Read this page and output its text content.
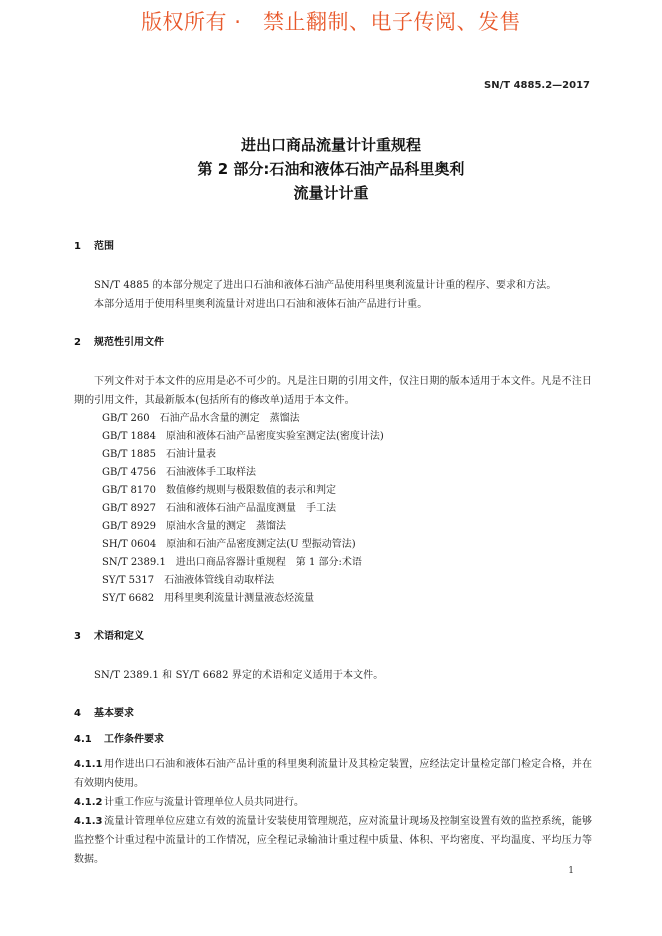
版权所有 ·   禁止翻制、电子传阅、发售
SN/T 4885.2—2017
进出口商品流量计计重规程
第 2 部分:石油和液体石油产品科里奥利
流量计计重
1 范围

SN/T 4885 的本部分规定了进出口石油和液体石油产品使用科里奥利流量计计重的程序、要求和方法。

本部分适用于使用科里奥利流量计对进出口石油和液体石油产品进行计重。

2 规范性引用文件

下列文件对于本文件的应用是必不可少的。凡是注日期的引用文件，仅注日期的版本适用于本文件。凡是不注日期的引用文件，其最新版本(包括所有的修改单)适用于本文件。

GB/T 260 石油产品水含量的测定　蒸馏法
GB/T 1884 原油和液体石油产品密度实验室测定法(密度计法)
GB/T 1885 石油计量表
GB/T 4756 石油液体手工取样法
GB/T 8170 数值修约规则与极限数值的表示和判定
GB/T 8927 石油和液体石油产品温度测量　手工法
GB/T 8929 原油水含量的测定　蒸馏法
SH/T 0604 原油和石油产品密度测定法(U 型振动管法)
SN/T 2389.1 进出口商品容器计重规程　第 1 部分:术语
SY/T 5317 石油液体管线自动取样法
SY/T 6682 用科里奥利流量计测量液态烃流量
3 术语和定义

SN/T 2389.1 和 SY/T 6682 界定的术语和定义适用于本文件。

4 基本要求
4.1 工作条件要求

4.1.1 用作进出口石油和液体石油产品计重的科里奥利流量计及其检定装置，应经法定计量检定部门检定合格，并在有效期内使用。

4.1.2 计重工作应与流量计管理单位人员共同进行。

4.1.3 流量计管理单位应建立有效的流量计安装使用管理规范，应对流量计现场及控制室设置有效的监控系统，能够监控整个计重过程中流量计的工作情况，应全程记录输油计重过程中质量、体积、平均密度、平均温度、平均压力等数据。

1
